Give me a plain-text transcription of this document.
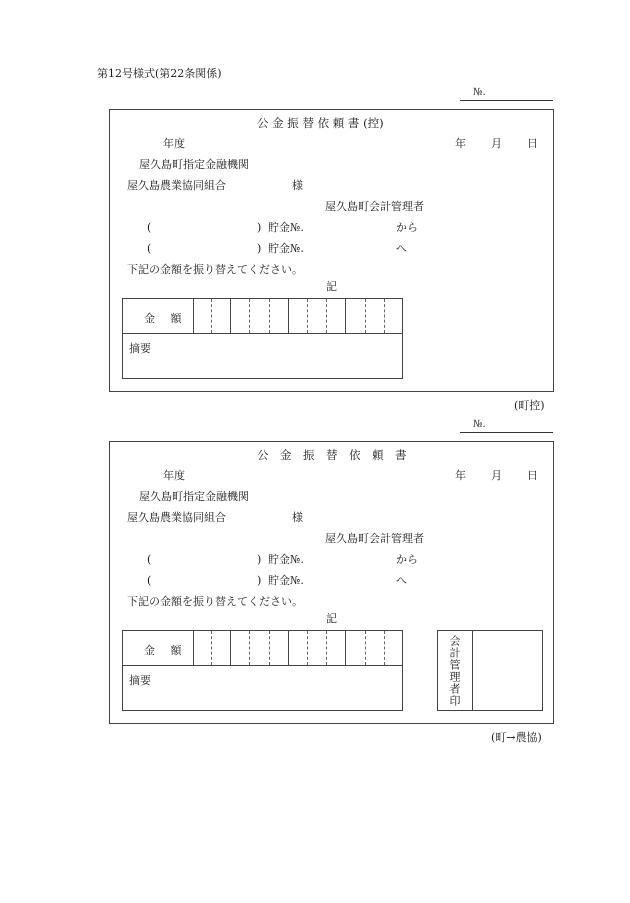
第12号様式(第22条関係)
№.
公 金 振 替 依 頼 書 (控)
年度	年 月 日
屋久島町指定金融機関
屋久島農業協同組合	様
屋久島町会計管理者
(	) 貯金№.	から
(	) 貯金№.	へ
下記の金額を振り替えてください。
記
金 額
摘要
(町控)
№.
公　金　振　替　依　頼　書
年度	年 月 日
屋久島町指定金融機関
屋久島農業協同組合	様
屋久島町会計管理者
(	) 貯金№.	から
(	) 貯金№.	へ
下記の金額を振り替えてください。
記
金 額
摘要	会計管理者印
(町→農協)
